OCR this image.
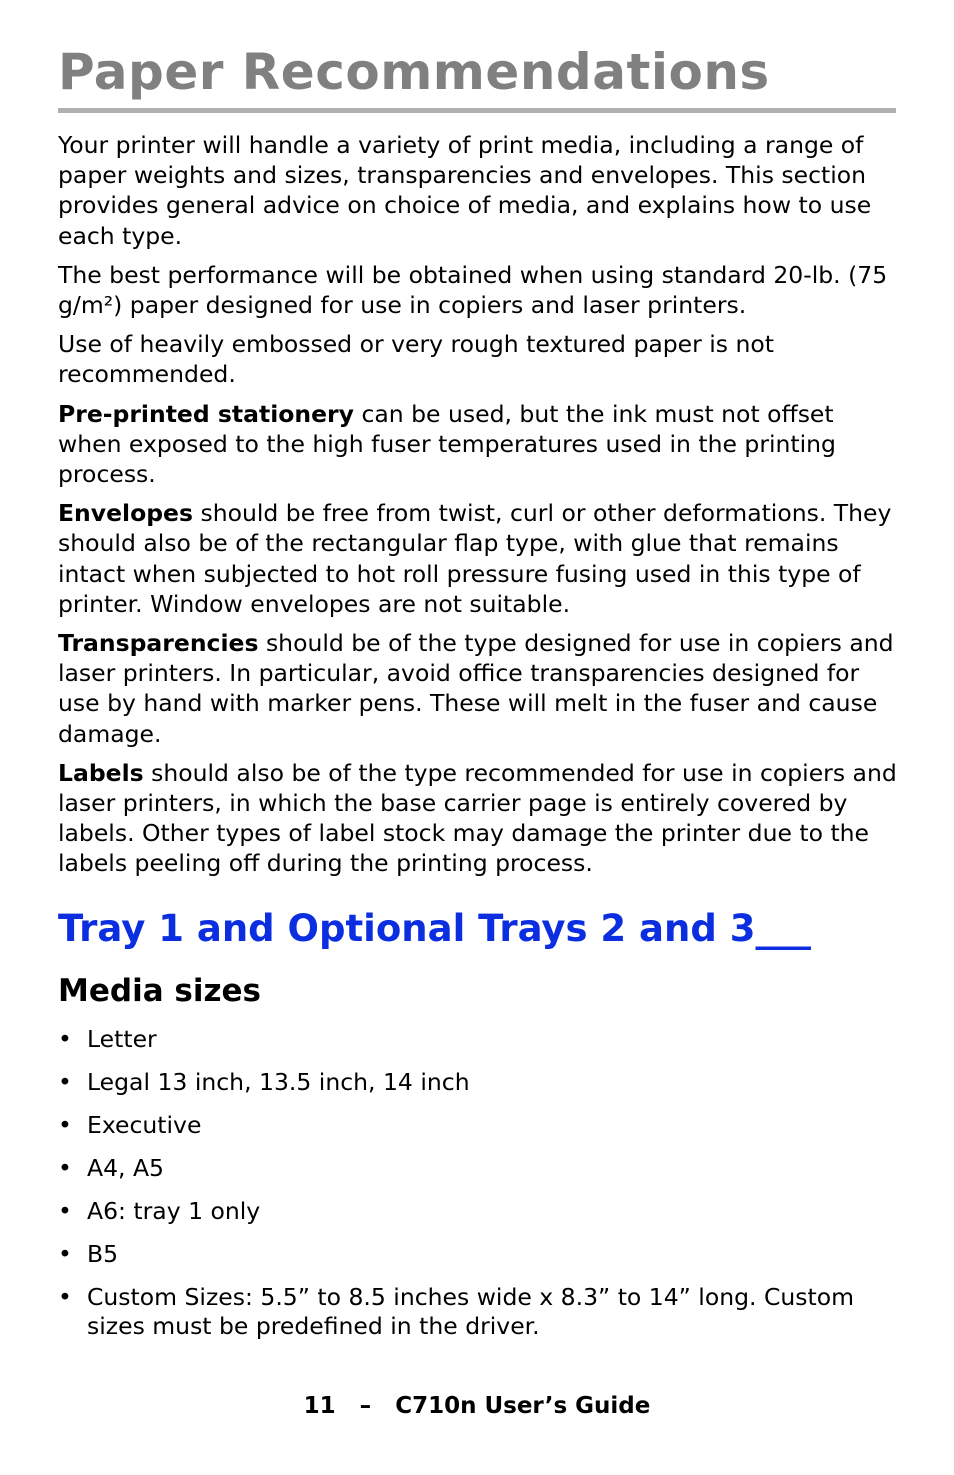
Paper Recommendations

Your printer will handle a variety of print media, including a range of paper weights and sizes, transparencies and envelopes. This section provides general advice on choice of media, and explains how to use each type.

The best performance will be obtained when using standard 20-lb. (75 g/m²) paper designed for use in copiers and laser printers.

Use of heavily embossed or very rough textured paper is not recommended.

Pre-printed stationery can be used, but the ink must not offset when exposed to the high fuser temperatures used in the printing process.

Envelopes should be free from twist, curl or other deformations. They should also be of the rectangular flap type, with glue that remains intact when subjected to hot roll pressure fusing used in this type of printer. Window envelopes are not suitable.

Transparencies should be of the type designed for use in copiers and laser printers. In particular, avoid office transparencies designed for use by hand with marker pens. These will melt in the fuser and cause damage.

Labels should also be of the type recommended for use in copiers and laser printers, in which the base carrier page is entirely covered by labels. Other types of label stock may damage the printer due to the labels peeling off during the printing process.

Tray 1 and Optional Trays 2 and 3___
Media sizes
• Letter
• Legal 13 inch, 13.5 inch, 14 inch
• Executive
• A4, A5
• A6: tray 1 only
• B5
• Custom Sizes: 5.5” to 8.5 inches wide x 8.3” to 14” long. Custom sizes must be predefined in the driver.
11 – C710n User’s Guide
